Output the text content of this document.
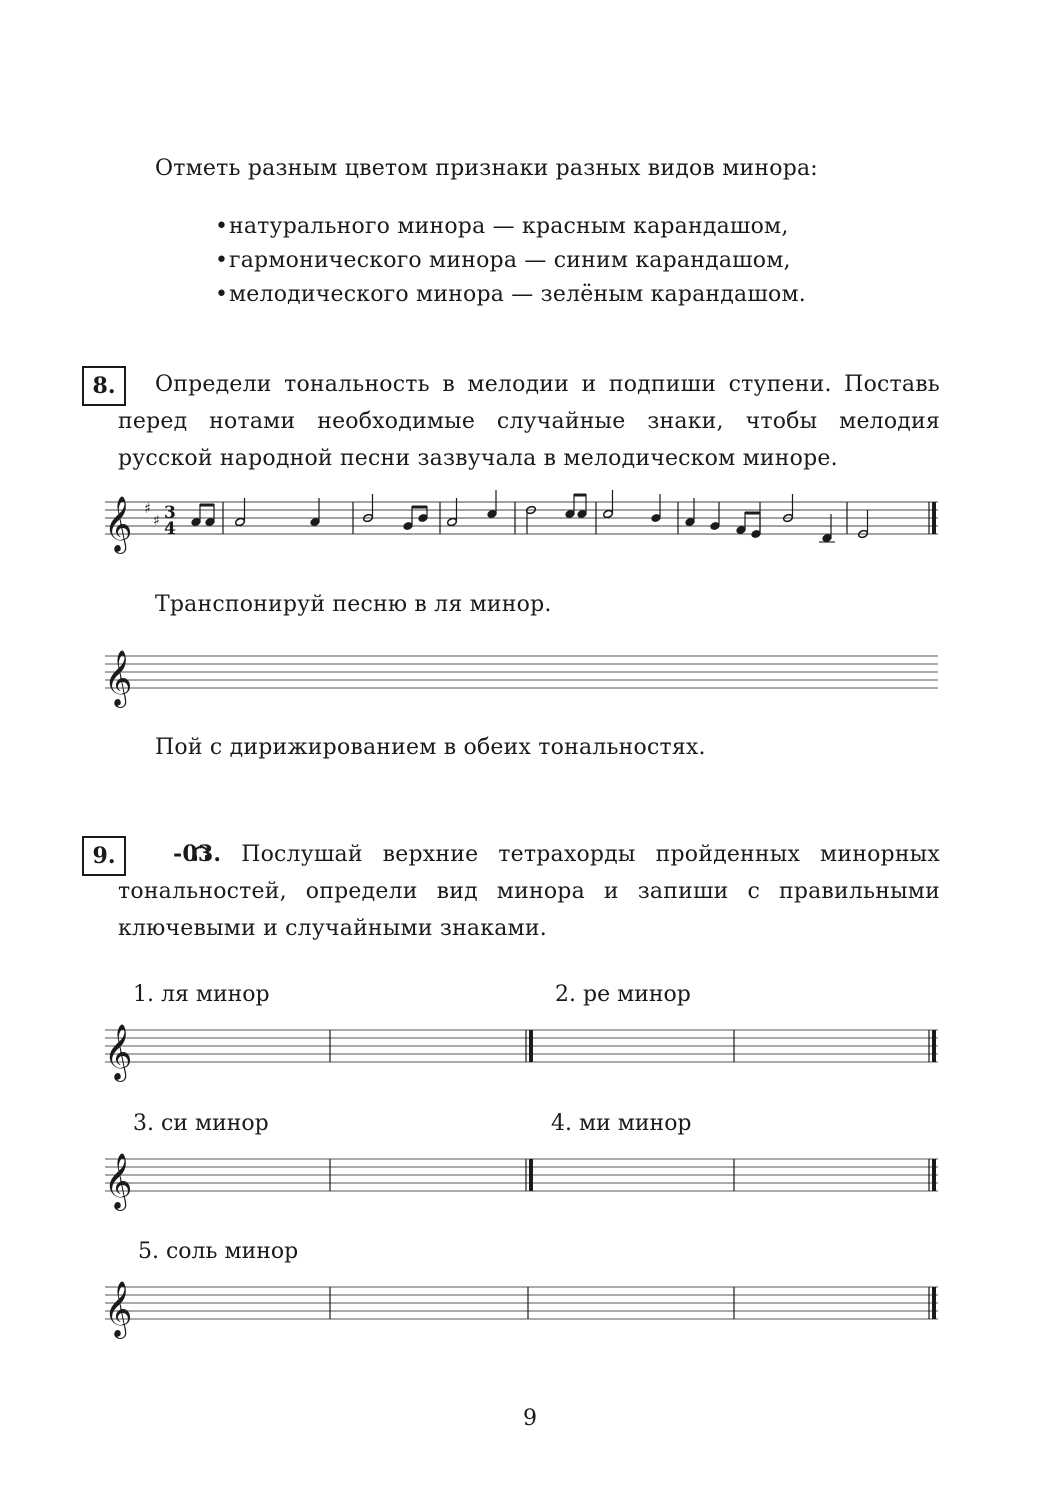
Отметь разным цветом признаки разных видов минора:
•натурального минора — красным карандашом,
•гармонического минора — синим карандашом,
•мелодического минора — зелёным карандашом.
8.	Определи тональность в мелодии и подпиши ступени. Поставь перед нотами необходимые случайные знаки, чтобы мелодия русской народной песни зазвучала в мелодическом миноре.
𝄞 ♯
♯ 3
4
Транспонируй песню в ля минор.
𝄞
Пой с дирижированием в обеих тональностях.
9.	-03. Послушай верхние тетрахорды пройденных минорных тональностей, определи вид минора и запиши с правильными ключевыми и случайными знаками.
1. ля минор	2. ре минор
3. си минор	4. ми минор
5. соль минор
𝄞
𝄞
𝄞
9
